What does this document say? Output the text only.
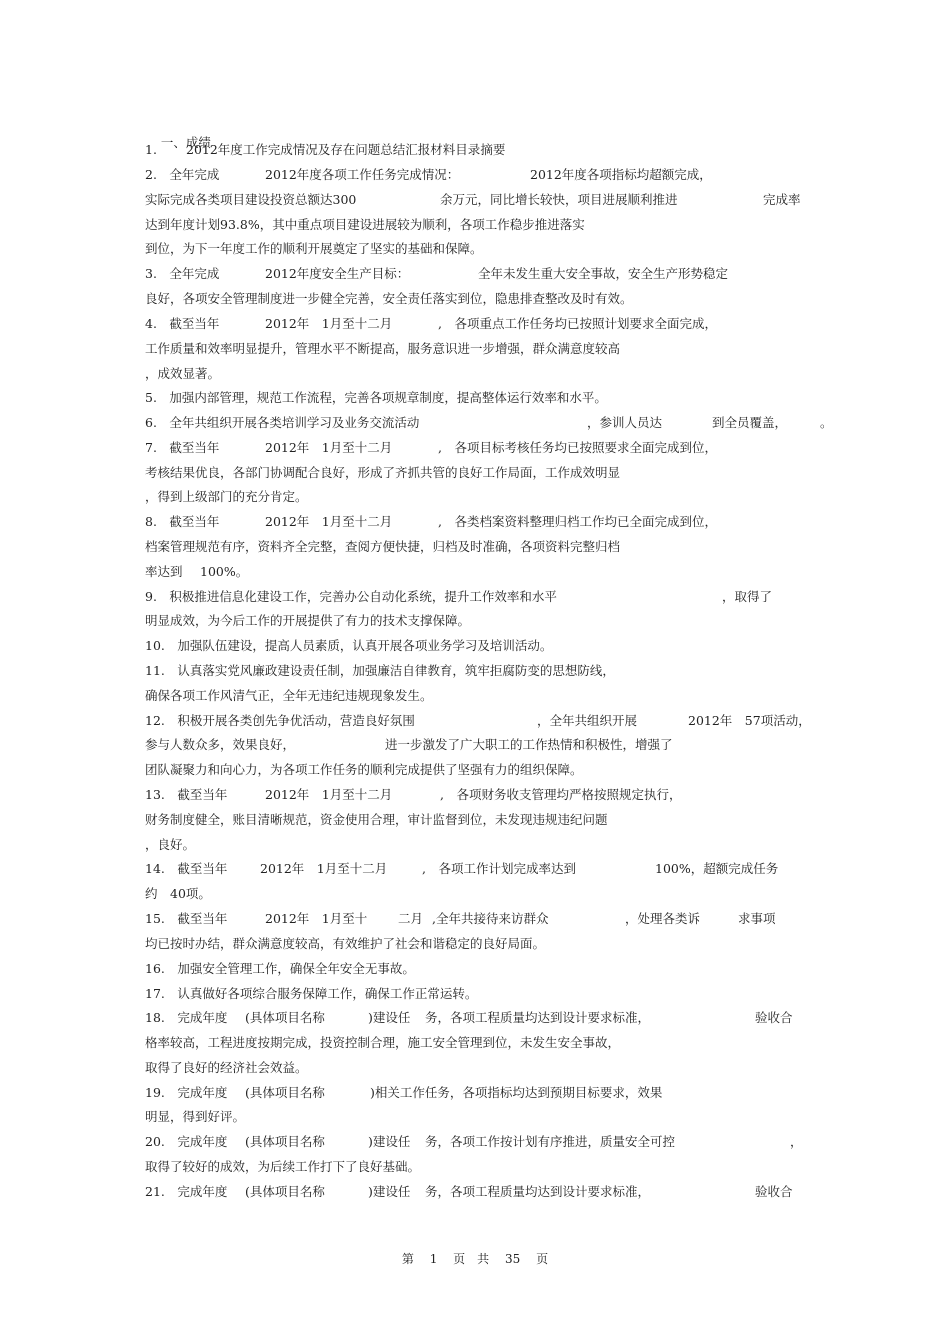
一、成绩

1. 2012年度工作完成情况及存在问题总结汇报材料目录摘要
2.　全年完成	2012年度各项工作任务完成情况：	2012年度各项指标均超额完成，
实际完成各类项目建设投资总额达300	余万元，同比增长较快，项目进展顺利推进	完成率
达到年度计划93.8%，其中重点项目建设进展较为顺利，各项工作稳步推进落实
到位，为下一年度工作的顺利开展奠定了坚实的基础和保障。
3.　全年完成	2012年度安全生产目标：	全年未发生重大安全事故，安全生产形势稳定
良好，各项安全管理制度进一步健全完善，安全责任落实到位，隐患排查整改及时有效。
4.　截至当年	2012年　1月至十二月	,　各项重点工作任务均已按照计划要求全面完成，
工作质量和效率明显提升，管理水平不断提高，服务意识进一步增强，群众满意度较高
，成效显著。
5.　加强内部管理，规范工作流程，完善各项规章制度，提高整体运行效率和水平。
6.　全年共组织开展各类培训学习及业务交流活动	，参训人员达	到全员覆盖，	。
7.　截至当年	2012年　1月至十二月	,　各项目标考核任务均已按照要求全面完成到位，
考核结果优良，各部门协调配合良好，形成了齐抓共管的良好工作局面，工作成效明显
，得到上级部门的充分肯定。
8.　截至当年	2012年　1月至十二月	,　各类档案资料整理归档工作均已全面完成到位，
档案管理规范有序，资料齐全完整，查阅方便快捷，归档及时准确，各项资料完整归档
率达到 100%。
9.　积极推进信息化建设工作，完善办公自动化系统，提升工作效率和水平	，取得了
明显成效，为今后工作的开展提供了有力的技术支撑保障。
10.　加强队伍建设，提高人员素质，认真开展各项业务学习及培训活动。
11.　认真落实党风廉政建设责任制，加强廉洁自律教育，筑牢拒腐防变的思想防线，
确保各项工作风清气正，全年无违纪违规现象发生。
12.　积极开展各类创先争优活动，营造良好氛围	，全年共组织开展	2012年　57项活动，
参与人数众多，效果良好，	进一步激发了广大职工的工作热情和积极性，增强了
团队凝聚力和向心力，为各项工作任务的顺利完成提供了坚强有力的组织保障。
13.　截至当年	2012年　1月至十二月	,　各项财务收支管理均严格按照规定执行，
财务制度健全，账目清晰规范，资金使用合理，审计监督到位，未发现违规违纪问题
，良好。
14.　截至当年	2012年　1月至十二月	,　各项工作计划完成率达到	100%，超额完成任务
约　40项。
15.　截至当年	2012年　1月至十 二月 ,全年共接待来访群众	，处理各类诉	求事项
均已按时办结，群众满意度较高，有效维护了社会和谐稳定的良好局面。
16.　加强安全管理工作，确保全年安全无事故。
17.　认真做好各项综合服务保障工作，确保工作正常运转。
18.　完成年度 (具体项目名称	)建设任 务，各项工程质量均达到设计要求标准，	验收合
格率较高，工程进度按期完成，投资控制合理，施工安全管理到位，未发生安全事故，
取得了良好的经济社会效益。
19.　完成年度 (具体项目名称	)相关工作任务，各项指标均达到预期目标要求，效果
明显，得到好评。
20.　完成年度 (具体项目名称	)建设任 务，各项工作按计划有序推进，质量安全可控	，
取得了较好的成效，为后续工作打下了良好基础。
21.　完成年度 (具体项目名称	)建设任 务，各项工程质量均达到设计要求标准，	验收合
第 1 页　共 35 页
